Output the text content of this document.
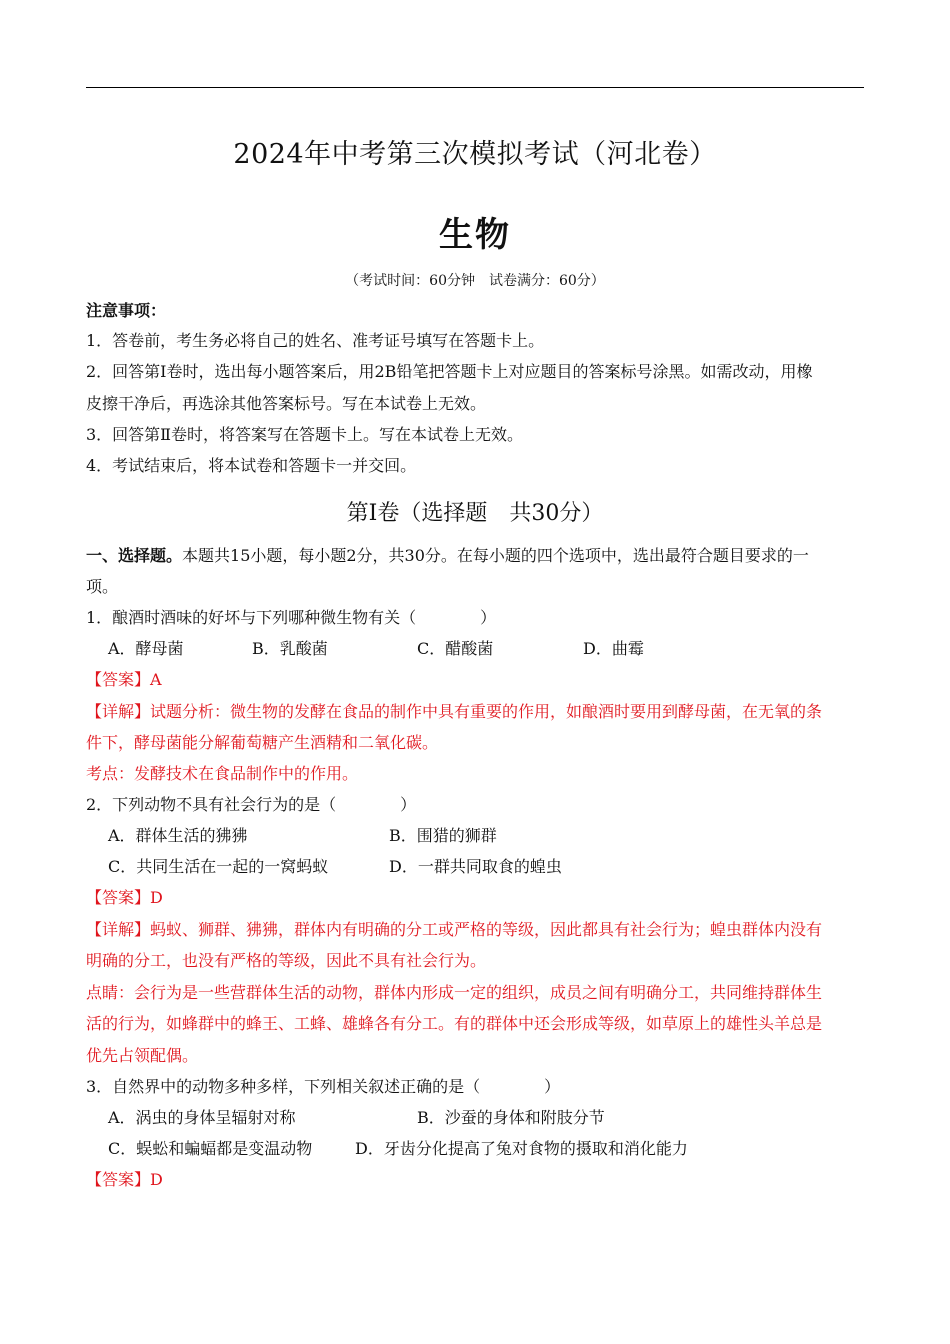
2024年中考第三次模拟考试（河北卷）
生物
（考试时间：60分钟　试卷满分：60分）
注意事项：
1．答卷前，考生务必将自己的姓名、准考证号填写在答题卡上。
2．回答第Ⅰ卷时，选出每小题答案后，用2B铅笔把答题卡上对应题目的答案标号涂黑。如需改动，用橡
皮擦干净后，再选涂其他答案标号。写在本试卷上无效。
3．回答第Ⅱ卷时，将答案写在答题卡上。写在本试卷上无效。
4．考试结束后，将本试卷和答题卡一并交回。
第Ⅰ卷（选择题　共30分）
一、选择题。本题共15小题，每小题2分，共30分。在每小题的四个选项中，选出最符合题目要求的一
项。
1．酿酒时酒味的好坏与下列哪种微生物有关（　　　　）
A．酵母菌	B．乳酸菌	C．醋酸菌	D．曲霉
【答案】A
【详解】试题分析：微生物的发酵在食品的制作中具有重要的作用，如酿酒时要用到酵母菌，在无氧的条
件下，酵母菌能分解葡萄糖产生酒精和二氧化碳。
考点：发酵技术在食品制作中的作用。
2．下列动物不具有社会行为的是（　　　　）
A．群体生活的狒狒	B．围猎的狮群
C．共同生活在一起的一窝蚂蚁	D．一群共同取食的蝗虫
【答案】D
【详解】蚂蚁、狮群、狒狒，群体内有明确的分工或严格的等级，因此都具有社会行为；蝗虫群体内没有
明确的分工，也没有严格的等级，因此不具有社会行为。
点睛：会行为是一些营群体生活的动物，群体内形成一定的组织，成员之间有明确分工，共同维持群体生
活的行为，如蜂群中的蜂王、工蜂、雄蜂各有分工。有的群体中还会形成等级，如草原上的雄性头羊总是
优先占领配偶。
3．自然界中的动物多种多样，下列相关叙述正确的是（　　　　）
A．涡虫的身体呈辐射对称	B．沙蚕的身体和附肢分节
C．蜈蚣和蝙蝠都是变温动物	D．牙齿分化提高了兔对食物的摄取和消化能力
【答案】D
